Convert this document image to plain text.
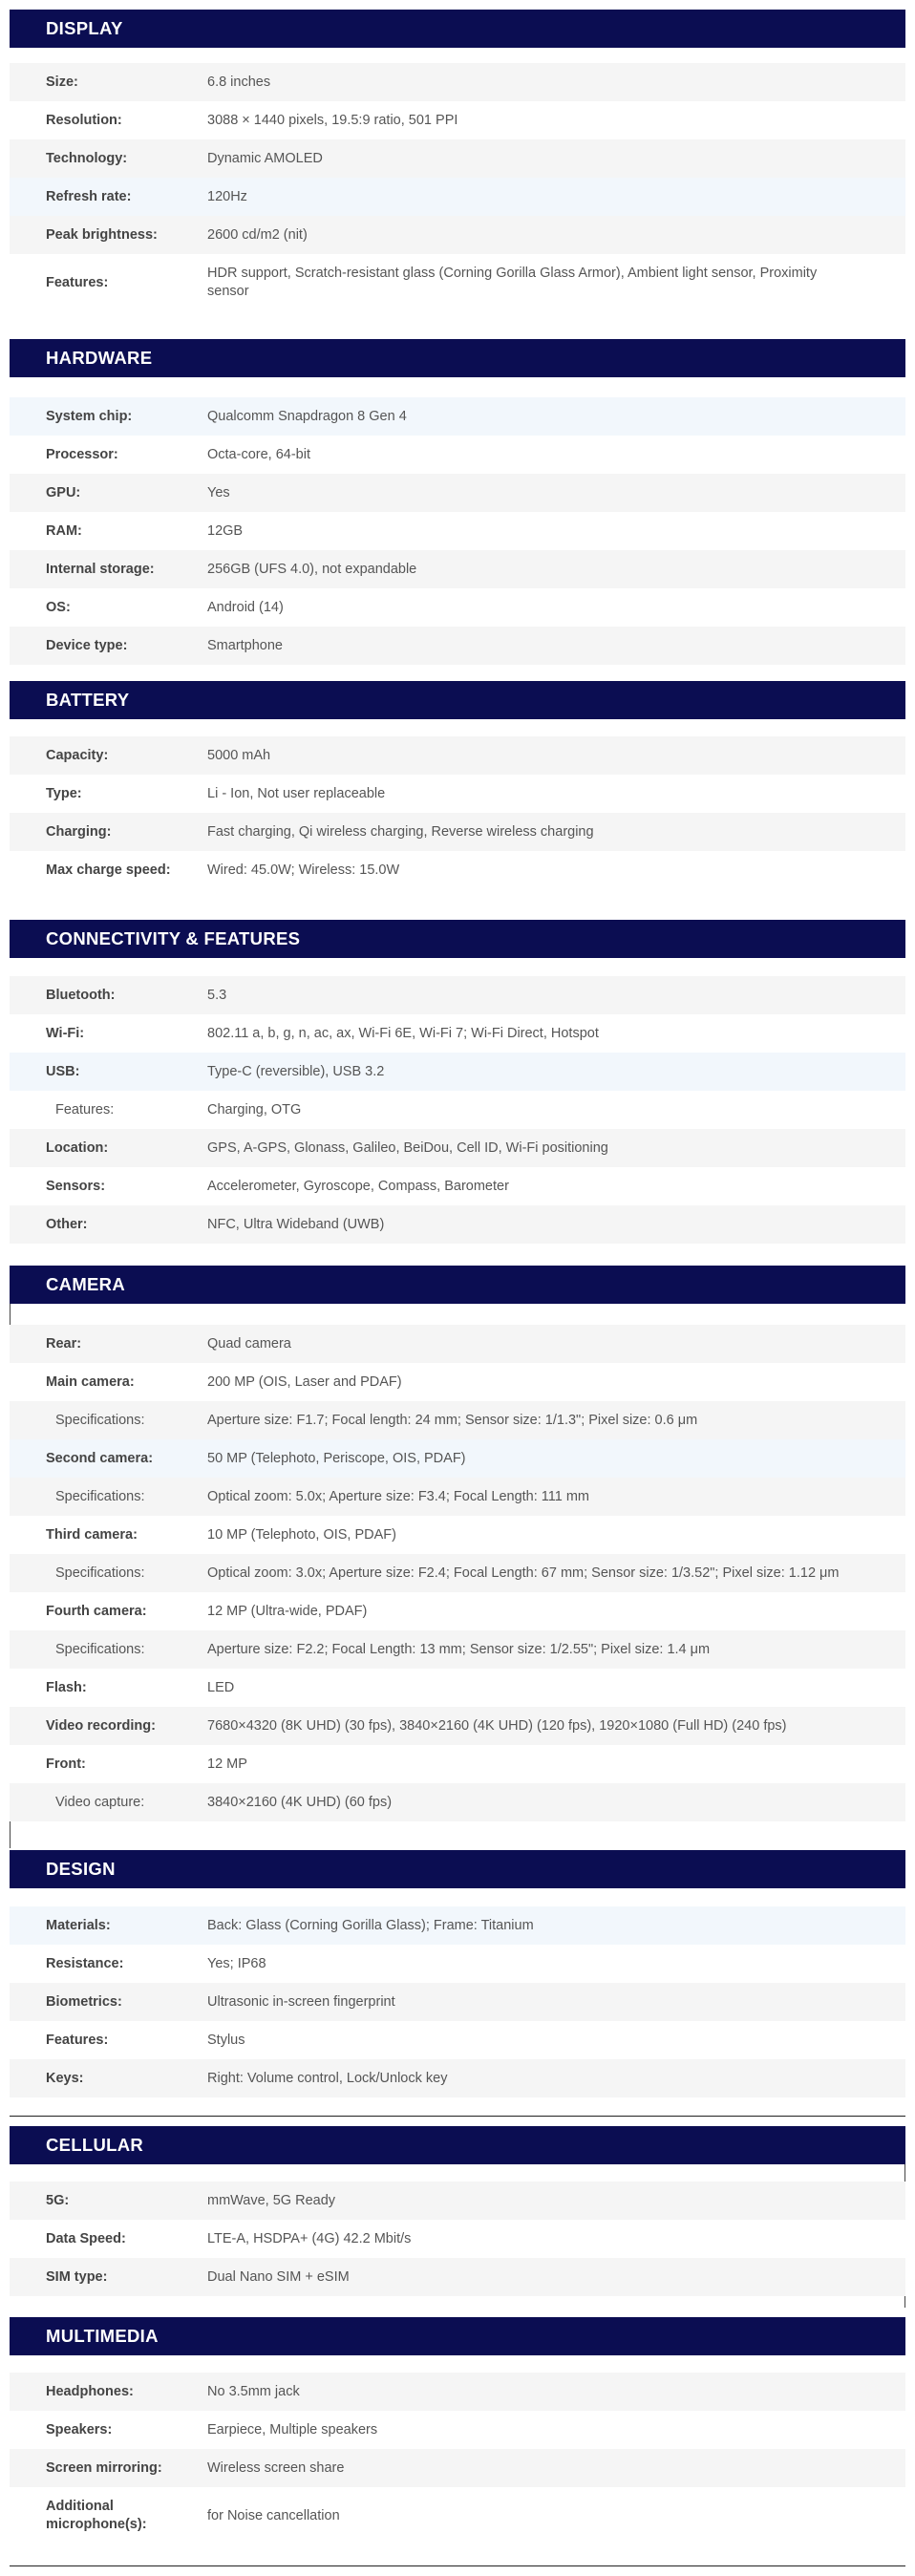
DISPLAY
Size:	6.8 inches
Resolution:	3088 × 1440 pixels, 19.5:9 ratio, 501 PPI
Technology:	Dynamic AMOLED
Refresh rate:	120Hz
Peak brightness:	2600 cd/m2 (nit)
Features:
HDR support, Scratch-resistant glass (Corning Gorilla Glass Armor), Ambient light sensor, Proximity sensor
HARDWARE
System chip:	Qualcomm Snapdragon 8 Gen 4
Processor:	Octa-core, 64-bit
GPU:	Yes
RAM:	12GB
Internal storage:	256GB (UFS 4.0), not expandable
OS:	Android (14)
Device type:	Smartphone
BATTERY
Capacity:	5000 mAh
Type:	Li - Ion, Not user replaceable
Charging:	Fast charging, Qi wireless charging, Reverse wireless charging
Max charge speed:	Wired: 45.0W; Wireless: 15.0W
CONNECTIVITY & FEATURES
Bluetooth:	5.3
Wi-Fi:	802.11 a, b, g, n, ac, ax, Wi-Fi 6E, Wi-Fi 7; Wi-Fi Direct, Hotspot
USB:	Type-C (reversible), USB 3.2
Features:	Charging, OTG
Location:	GPS, A-GPS, Glonass, Galileo, BeiDou, Cell ID, Wi-Fi positioning
Sensors:	Accelerometer, Gyroscope, Compass, Barometer
Other:	NFC, Ultra Wideband (UWB)
CAMERA
Rear:	Quad camera
Main camera:	200 MP (OIS, Laser and PDAF)
Specifications:	Aperture size: F1.7; Focal length: 24 mm; Sensor size: 1/1.3"; Pixel size: 0.6 μm
Second camera:	50 MP (Telephoto, Periscope, OIS, PDAF)
Specifications:	Optical zoom: 5.0x; Aperture size: F3.4; Focal Length: 111 mm
Third camera:	10 MP (Telephoto, OIS, PDAF)
Specifications:	Optical zoom: 3.0x; Aperture size: F2.4; Focal Length: 67 mm; Sensor size: 1/3.52"; Pixel size: 1.12 μm
Fourth camera:	12 MP (Ultra-wide, PDAF)
Specifications:	Aperture size: F2.2; Focal Length: 13 mm; Sensor size: 1/2.55"; Pixel size: 1.4 μm
Flash:	LED
Video recording:	7680×4320 (8K UHD) (30 fps), 3840×2160 (4K UHD) (120 fps), 1920×1080 (Full HD) (240 fps)
Front:	12 MP
Video capture:	3840×2160 (4K UHD) (60 fps)
DESIGN
Materials:	Back: Glass (Corning Gorilla Glass); Frame: Titanium
Resistance:	Yes; IP68
Biometrics:	Ultrasonic in-screen fingerprint
Features:	Stylus
Keys:	Right: Volume control, Lock/Unlock key
CELLULAR
5G:	mmWave, 5G Ready
Data Speed:	LTE-A, HSDPA+ (4G) 42.2 Mbit/s
SIM type:	Dual Nano SIM + eSIM
MULTIMEDIA
Headphones:	No 3.5mm jack
Speakers:	Earpiece, Multiple speakers
Screen mirroring:	Wireless screen share
Additional microphone(s):
for Noise cancellation
